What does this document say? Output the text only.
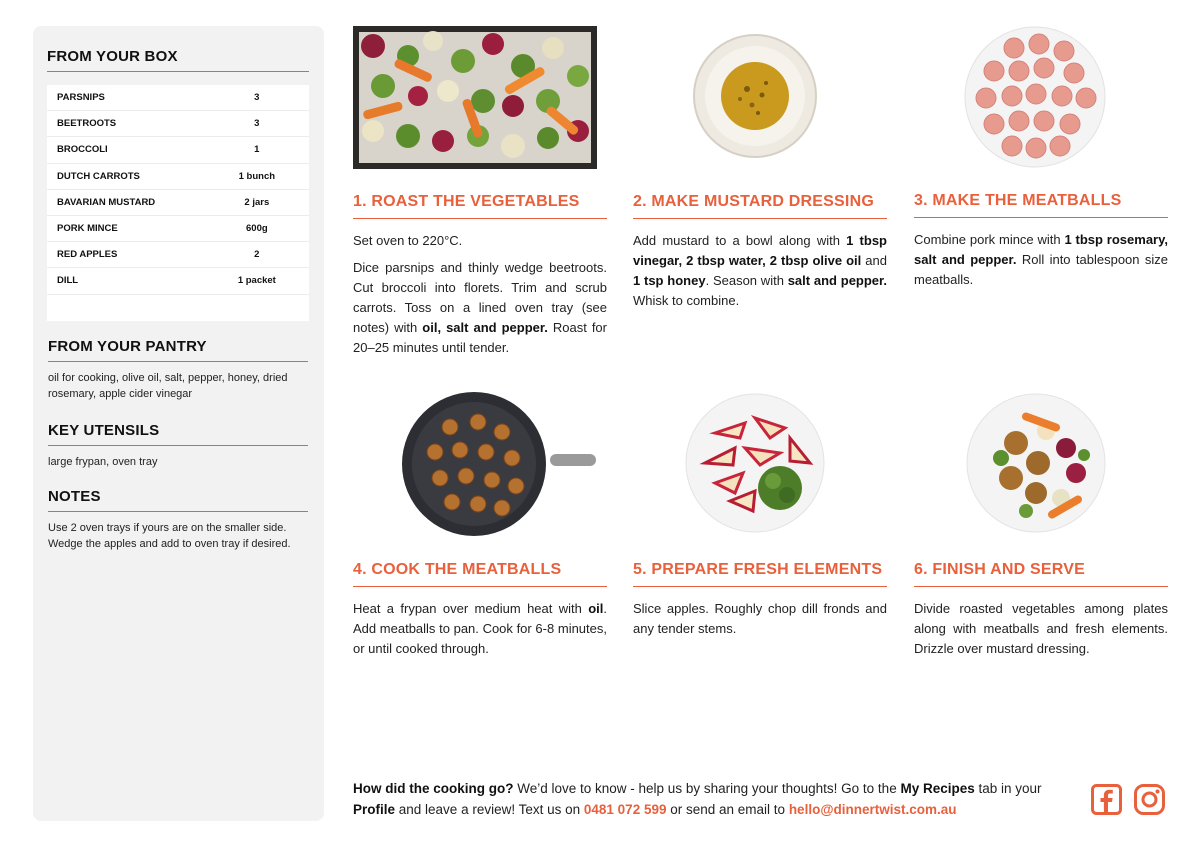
FROM YOUR BOX
PARSNIPS	3
BEETROOTS	3
BROCCOLI	1
DUTCH CARROTS	1 bunch
BAVARIAN MUSTARD	2 jars
PORK MINCE	600g
RED APPLES	2
DILL	1 packet
FROM YOUR PANTRY

oil for cooking, olive oil, salt, pepper, honey, dried rosemary, apple cider vinegar

KEY UTENSILS

large frypan, oven tray

NOTES

Use 2 oven trays if yours are on the smaller side. Wedge the apples and add to oven tray if desired.

1. ROAST THE VEGETABLES

Set oven to 220°C.

Dice parsnips and thinly wedge beetroots. Cut broccoli into florets. Trim and scrub carrots. Toss on a lined oven tray (see notes) with oil, salt and pepper. Roast for 20–25 minutes until tender.

2. MAKE MUSTARD DRESSING

Add mustard to a bowl along with 1 tbsp vinegar, 2 tbsp water, 2 tbsp olive oil and 1 tsp honey. Season with salt and pepper. Whisk to combine.

3. MAKE THE MEATBALLS

Combine pork mince with 1 tbsp rosemary, salt and pepper. Roll into tablespoon size meatballs.

4. COOK THE MEATBALLS

Heat a frypan over medium heat with oil. Add meatballs to pan. Cook for 6-8 minutes, or until cooked through.

5. PREPARE FRESH ELEMENTS

Slice apples. Roughly chop dill fronds and any tender stems.

6. FINISH AND SERVE

Divide roasted vegetables among plates along with meatballs and fresh elements. Drizzle over mustard dressing.

How did the cooking go? We’d love to know - help us by sharing your thoughts! Go to the My Recipes tab in your Profile and leave a review! Text us on 0481 072 599 or send an email to hello@dinnertwist.com.au
